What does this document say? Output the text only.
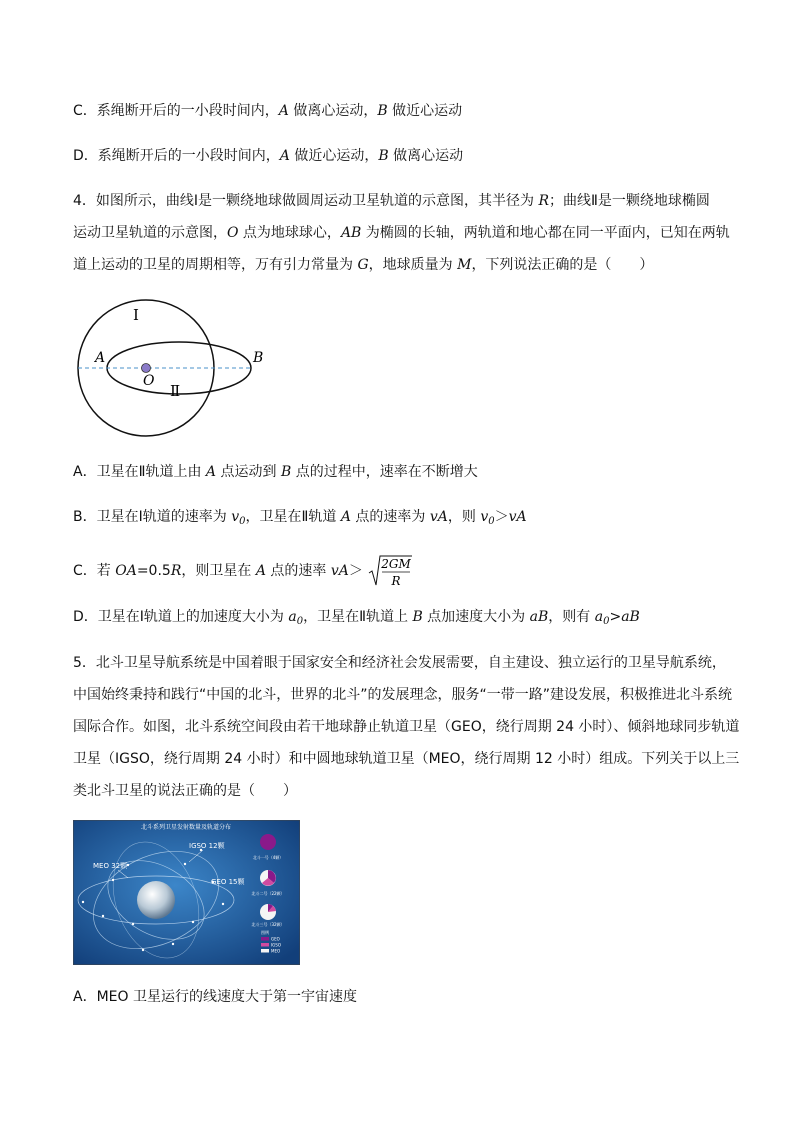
C．系绳断开后的一小段时间内，A 做离心运动，B 做近心运动
D．系绳断开后的一小段时间内，A 做近心运动，B 做离心运动
4．如图所示，曲线Ⅰ是一颗绕地球做圆周运动卫星轨道的示意图，其半径为 R；曲线Ⅱ是一颗绕地球椭圆
运动卫星轨道的示意图，O 点为地球球心，AB 为椭圆的长轴，两轨道和地心都在同一平面内，已知在两轨
道上运动的卫星的周期相等，万有引力常量为 G，地球质量为 M，下列说法正确的是（　　）
Ⅰ
Ⅱ
A	B
O
A．卫星在Ⅱ轨道上由 A 点运动到 B 点的过程中，速率在不断增大
B．卫星在Ⅰ轨道的速率为 $v_0$，卫星在Ⅱ轨道 A 点的速率为 vA，则 $v_0>vA$
C．若 OA=0.5R，则卫星在 A 点的速率 vA＞ 2GM
R
D．卫星在Ⅰ轨道上的加速度大小为 $a_0$，卫星在Ⅱ轨道上 B 点加速度大小为 aB，则有 $a_0>aB$
5．北斗卫星导航系统是中国着眼于国家安全和经济社会发展需要，自主建设、独立运行的卫星导航系统，
中国始终秉持和践行“中国的北斗，世界的北斗”的发展理念，服务“一带一路”建设发展，积极推进北斗系统
国际合作。如图，北斗系统空间段由若干地球静止轨道卫星（GEO，绕行周期 24 小时）、倾斜地球同步轨道
卫星（IGSO，绕行周期 24 小时）和中圆地球轨道卫星（MEO，绕行周期 12 小时）组成。下列关于以上三
类北斗卫星的说法正确的是（　　）
北斗系列卫星发射数量及轨道分布
IGSO 12颗
MEO 32颗
GEO 15颗
北斗一号（4颗）
北斗二号（22颗）
北斗三号（32颗）
图例
GEO
IGSO
MEO
A．MEO 卫星运行的线速度大于第一宇宙速度
